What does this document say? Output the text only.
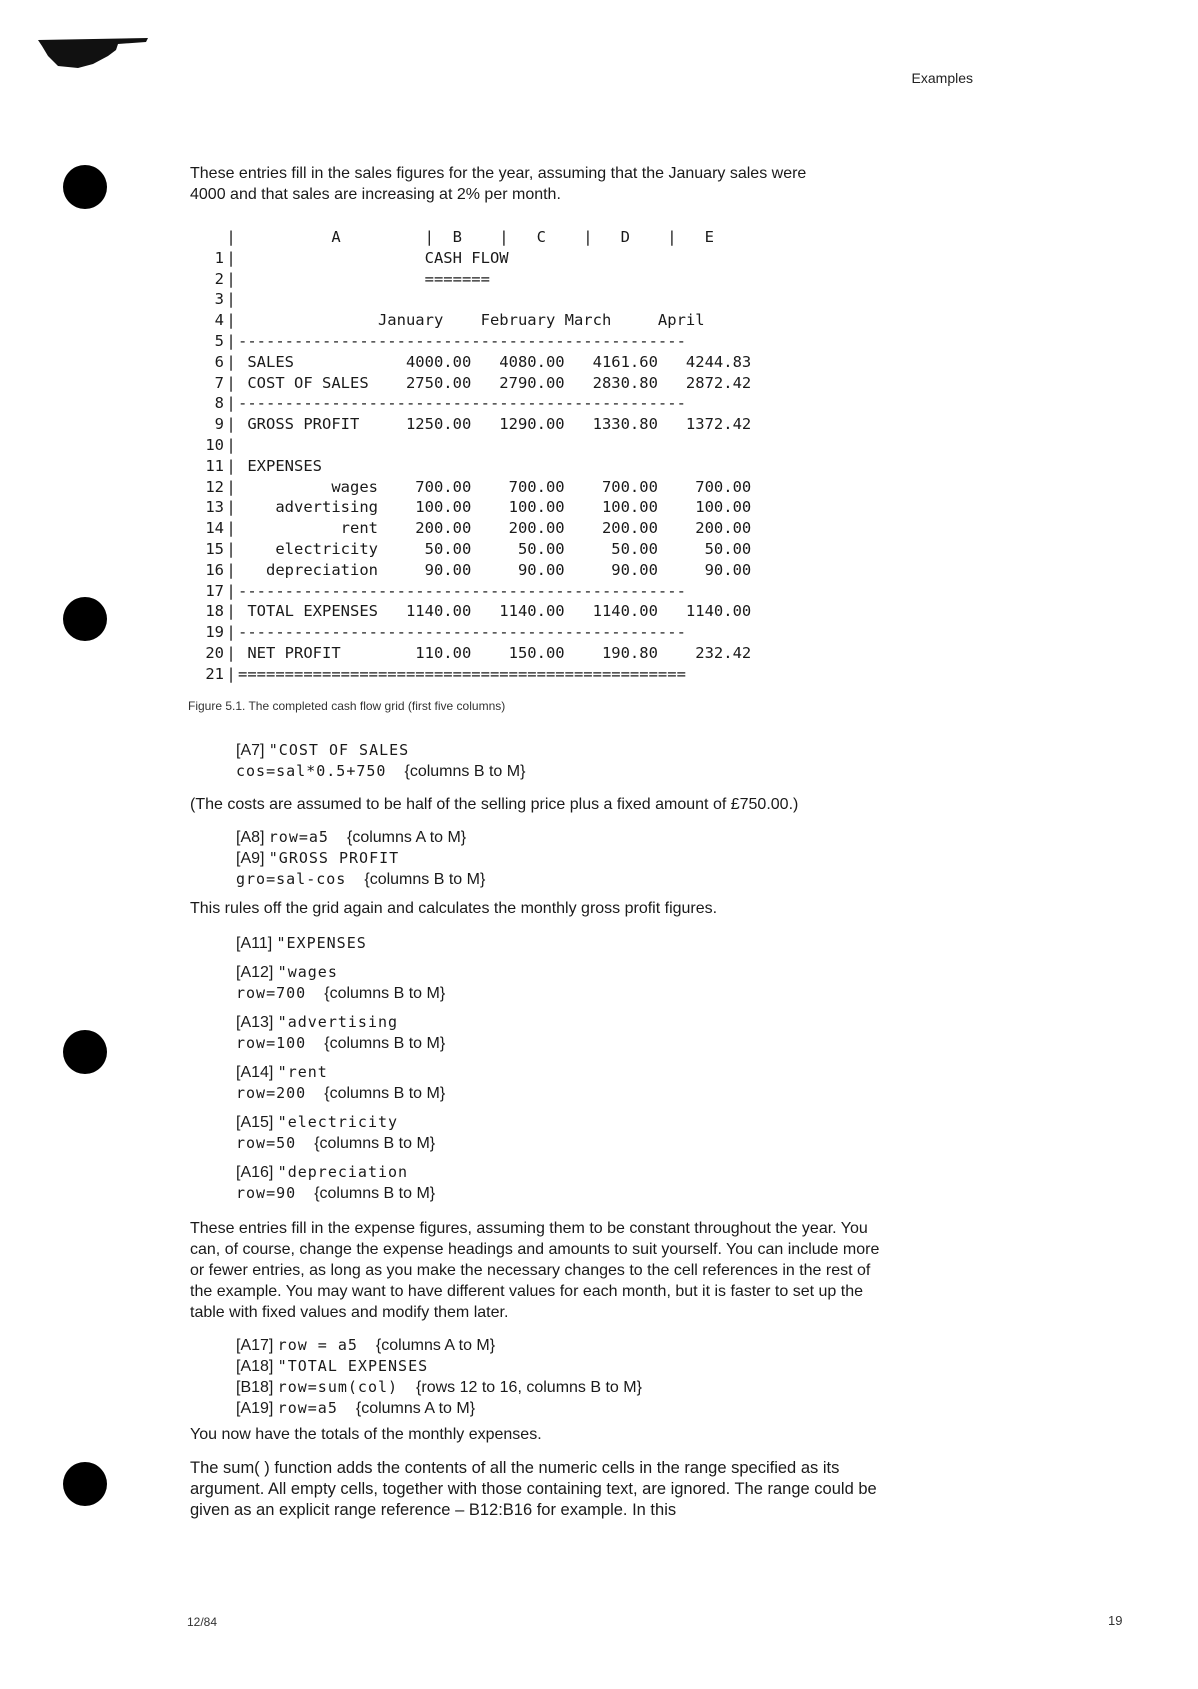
Examples
These entries fill in the sales figures for the year, assuming that the January sales were
4000 and that sales are increasing at 2% per month.
| A         |  B    |   C    |   D    |   E
1 | CASH FLOW
2 | =======
3 |
4 | January    February March     April
5 | ------------------------------------------------
6 | SALES            4000.00   4080.00   4161.60   4244.83
7 | COST OF SALES    2750.00   2790.00   2830.80   2872.42
8 | ------------------------------------------------
9 | GROSS PROFIT     1250.00   1290.00   1330.80   1372.42
10 |
11 | EXPENSES
12 | wages    700.00    700.00    700.00    700.00
13 | advertising    100.00    100.00    100.00    100.00
14 | rent    200.00    200.00    200.00    200.00
15 | electricity     50.00     50.00     50.00     50.00
16 | depreciation     90.00     90.00     90.00     90.00
17 | ------------------------------------------------
18 | TOTAL EXPENSES   1140.00   1140.00   1140.00   1140.00
19 | ------------------------------------------------
20 | NET PROFIT        110.00    150.00    190.80    232.42
21 | ================================================
Figure 5.1. The completed cash flow grid (first five columns)
[A7] "COST OF SALES
cos=sal*0.5+750 {columns B to M}
(The costs are assumed to be half of the selling price plus a fixed amount of £750.00.)
[A8] row=a5 {columns A to M}
[A9] "GROSS PROFIT
gro=sal-cos {columns B to M}
This rules off the grid again and calculates the monthly gross profit figures.
[A11] "EXPENSES
[A12] "wages
row=700 {columns B to M}
[A13] "advertising
row=100 {columns B to M}
[A14] "rent
row=200 {columns B to M}
[A15] "electricity
row=50 {columns B to M}
[A16] "depreciation
row=90 {columns B to M}
These entries fill in the expense figures, assuming them to be constant throughout the year. You can, of course, change the expense headings and amounts to suit yourself. You can include more or fewer entries, as long as you make the necessary changes to the cell references in the rest of the example. You may want to have different values for each month, but it is faster to set up the table with fixed values and modify them later.
[A17] row = a5 {columns A to M}
[A18] "TOTAL EXPENSES
[B18] row=sum(col) {rows 12 to 16, columns B to M}
[A19] row=a5 {columns A to M}
You now have the totals of the monthly expenses.
The sum( ) function adds the contents of all the numeric cells in the range specified as its argument. All empty cells, together with those containing text, are ignored. The range could be given as an explicit range reference – B12:B16 for example. In this
12/84	19
